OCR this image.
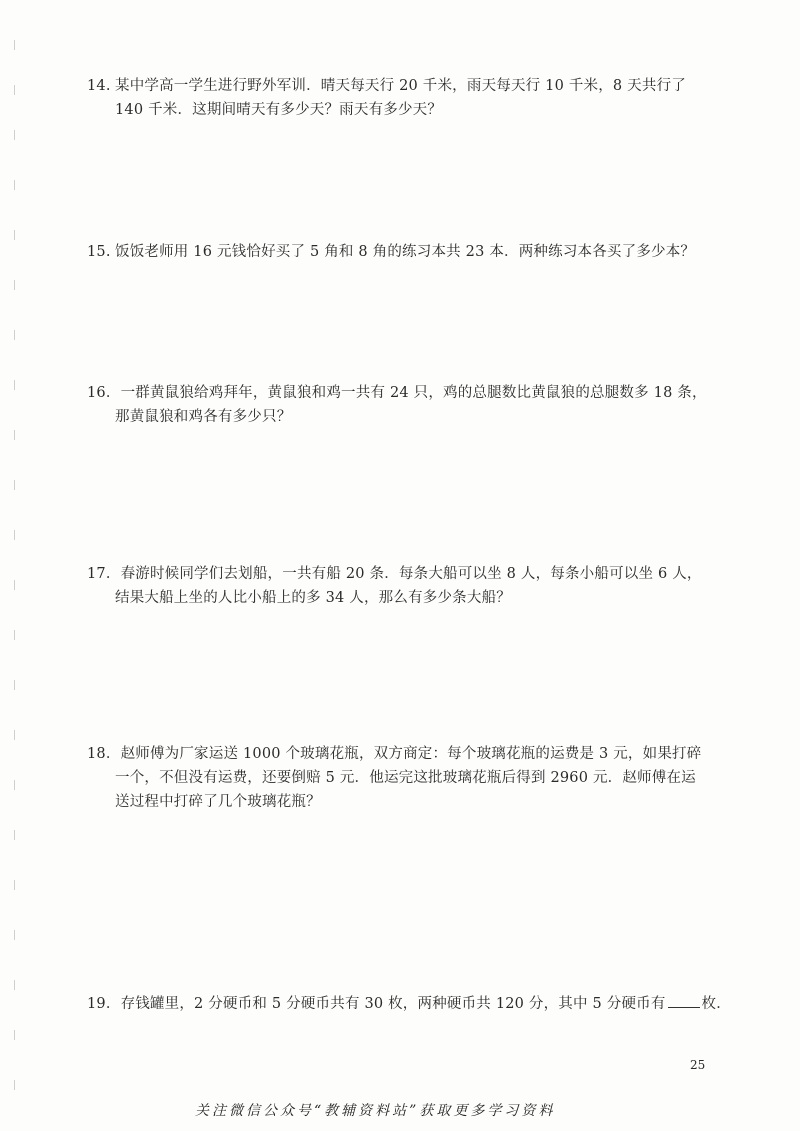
14. 某中学高一学生进行野外军训．晴天每天行 20 千米，雨天每天行 10 千米，8 天共行了
140 千米．这期间晴天有多少天？雨天有多少天？
15. 饭饭老师用 16 元钱恰好买了 5 角和 8 角的练习本共 23 本．两种练习本各买了多少本？
16．一群黄鼠狼给鸡拜年，黄鼠狼和鸡一共有 24 只，鸡的总腿数比黄鼠狼的总腿数多 18 条，
那黄鼠狼和鸡各有多少只？
17．春游时候同学们去划船，一共有船 20 条．每条大船可以坐 8 人，每条小船可以坐 6 人，
结果大船上坐的人比小船上的多 34 人，那么有多少条大船？
18．赵师傅为厂家运送 1000 个玻璃花瓶，双方商定：每个玻璃花瓶的运费是 3 元，如果打碎
一个，不但没有运费，还要倒赔 5 元．他运完这批玻璃花瓶后得到 2960 元．赵师傅在运
送过程中打碎了几个玻璃花瓶？
19．存钱罐里，2 分硬币和 5 分硬币共有 30 枚，两种硬币共 120 分，其中 5 分硬币有 枚．
25
关注微信公众号“教辅资料站”获取更多学习资料
